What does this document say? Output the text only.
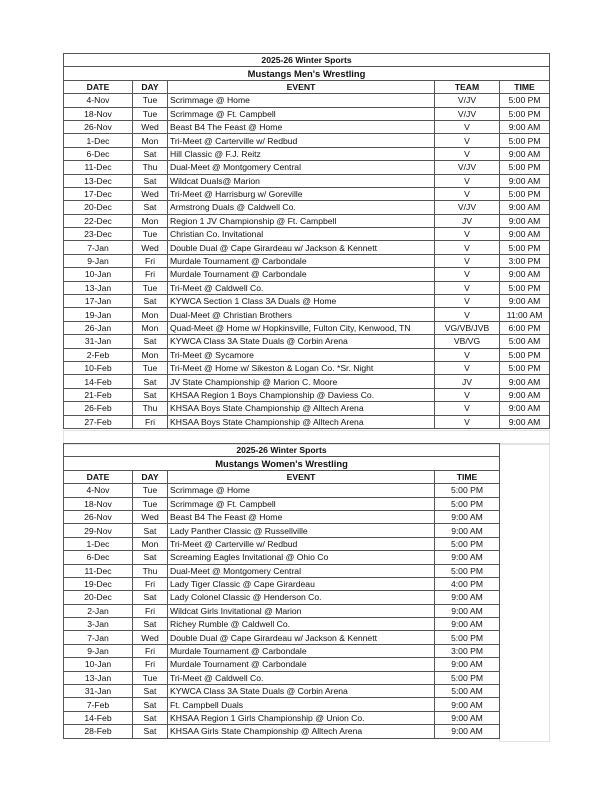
2025-26 Winter Sports				
Mustangs Men's Wrestling				
DATE	DAY	EVENT	TEAM	TIME
4-Nov	Tue	Scrimmage @ Home	V/JV	5:00 PM
18-Nov	Tue	Scrimmage @ Ft. Campbell	V/JV	5:00 PM
26-Nov	Wed	Beast B4 The Feast @ Home	V	9:00 AM
1-Dec	Mon	Tri-Meet @ Carterville w/ Redbud	V	5:00 PM
6-Dec	Sat	Hill Classic @ F.J. Reitz	V	9:00 AM
11-Dec	Thu	Dual-Meet @ Montgomery Central	V/JV	5:00 PM
13-Dec	Sat	Wildcat Duals@ Marion	V	9:00 AM
17-Dec	Wed	Tri-Meet @ Harrisburg w/ Goreville	V	5:00 PM
20-Dec	Sat	Armstrong Duals @ Caldwell Co.	V/JV	9:00 AM
22-Dec	Mon	Region 1 JV Championship @ Ft. Campbell	JV	9:00 AM
23-Dec	Tue	Christian Co. Invitational	V	9:00 AM
7-Jan	Wed	Double Dual @ Cape Girardeau w/ Jackson & Kennett	V	5:00 PM
9-Jan	Fri	Murdale Tournament @ Carbondale	V	3:00 PM
10-Jan	Fri	Murdale Tournament @ Carbondale	V	9:00 AM
13-Jan	Tue	Tri-Meet @ Caldwell Co.	V	5:00 PM
17-Jan	Sat	KYWCA Section 1 Class 3A Duals @ Home	V	9:00 AM
19-Jan	Mon	Dual-Meet @ Christian Brothers	V	11:00 AM
26-Jan	Mon	Quad-Meet @ Home w/ Hopkinsville, Fulton City, Kenwood, TN	VG/VB/JVB	6:00 PM
31-Jan	Sat	KYWCA Class 3A State Duals @ Corbin Arena	VB/VG	5:00 AM
2-Feb	Mon	Tri-Meet @ Sycamore	V	5:00 PM
10-Feb	Tue	Tri-Meet @ Home w/ Sikeston & Logan Co. *Sr. Night	V	5:00 PM
14-Feb	Sat	JV State Championship @ Marion C. Moore	JV	9:00 AM
21-Feb	Sat	KHSAA Region 1 Boys Championship @ Daviess Co.	V	9:00 AM
26-Feb	Thu	KHSAA Boys State Championship @ Alltech Arena	V	9:00 AM
27-Feb	Fri	KHSAA Boys State Championship @ Alltech Arena	V	9:00 AM
2025-26 Winter Sports			
Mustangs Women's Wrestling			
DATE	DAY	EVENT	TIME
4-Nov	Tue	Scrimmage @ Home	5:00 PM
18-Nov	Tue	Scrimmage @ Ft. Campbell	5:00 PM
26-Nov	Wed	Beast B4 The Feast @ Home	9:00 AM
29-Nov	Sat	Lady Panther Classic @ Russellville	9:00 AM
1-Dec	Mon	Tri-Meet @ Carterville w/ Redbud	5:00 PM
6-Dec	Sat	Screaming Eagles Invitational @ Ohio Co	9:00 AM
11-Dec	Thu	Dual-Meet @ Montgomery Central	5:00 PM
19-Dec	Fri	Lady Tiger Classic @ Cape Girardeau	4:00 PM
20-Dec	Sat	Lady Colonel Classic @ Henderson Co.	9:00 AM
2-Jan	Fri	Wildcat Girls Invitational @ Marion	9:00 AM
3-Jan	Sat	Richey Rumble @ Caldwell Co.	9:00 AM
7-Jan	Wed	Double Dual @ Cape Girardeau w/ Jackson & Kennett	5:00 PM
9-Jan	Fri	Murdale Tournament @ Carbondale	3:00 PM
10-Jan	Fri	Murdale Tournament @ Carbondale	9:00 AM
13-Jan	Tue	Tri-Meet @ Caldwell Co.	5:00 PM
31-Jan	Sat	KYWCA Class 3A State Duals @ Corbin Arena	5:00 AM
7-Feb	Sat	Ft. Campbell Duals	9:00 AM
14-Feb	Sat	KHSAA Region 1 Girls Championship @ Union Co.	9:00 AM
28-Feb	Sat	KHSAA Girls State Championship @ Alltech Arena	9:00 AM
